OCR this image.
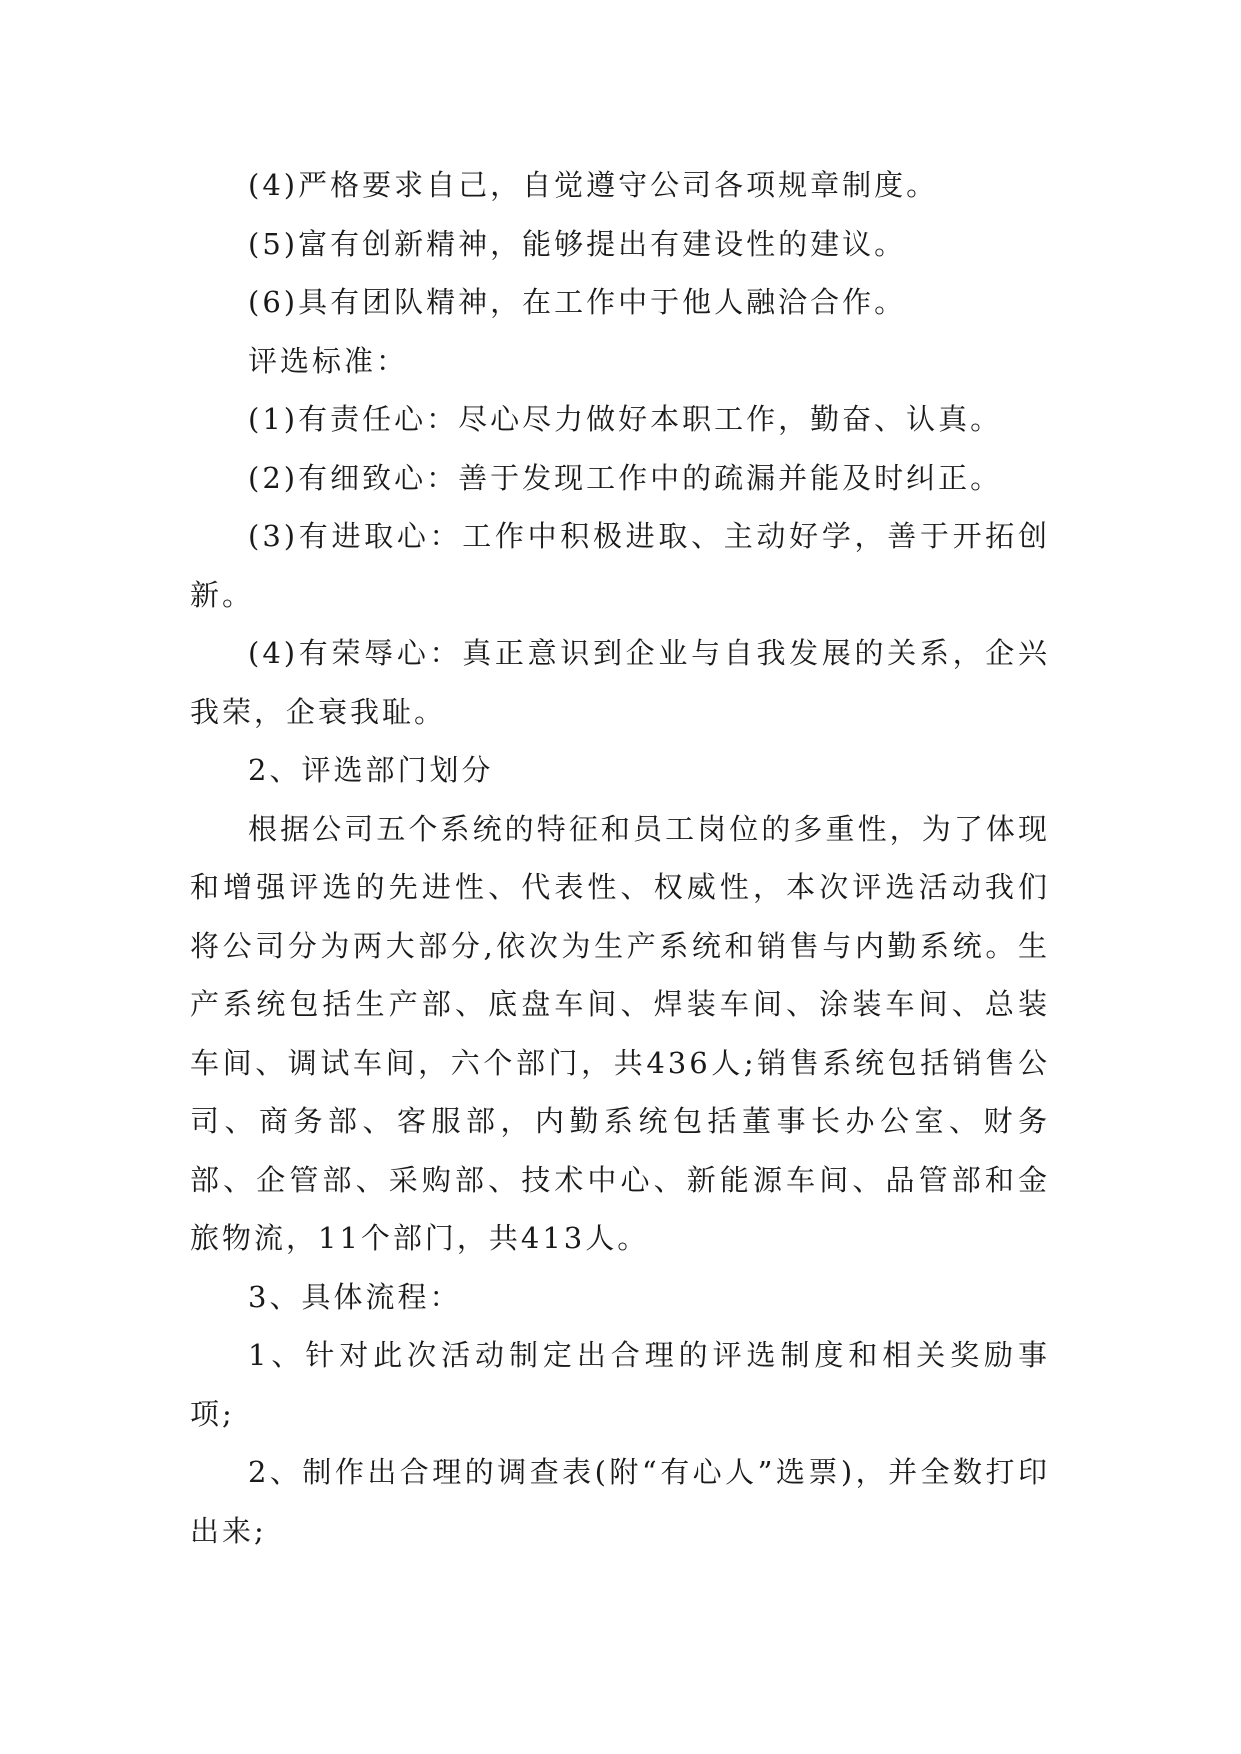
(4)严格要求自己，自觉遵守公司各项规章制度。

(5)富有创新精神，能够提出有建设性的建议。

(6)具有团队精神，在工作中于他人融洽合作。

评选标准：

(1)有责任心：尽心尽力做好本职工作，勤奋、认真。

(2)有细致心：善于发现工作中的疏漏并能及时纠正。

(3)有进取心：工作中积极进取、主动好学，善于开拓创新。

(4)有荣辱心：真正意识到企业与自我发展的关系，企兴我荣，企衰我耻。

2、评选部门划分

根据公司五个系统的特征和员工岗位的多重性，为了体现和增强评选的先进性、代表性、权威性，本次评选活动我们将公司分为两大部分,依次为生产系统和销售与内勤系统。生产系统包括生产部、底盘车间、焊装车间、涂装车间、总装车间、调试车间，六个部门，共436人;销售系统包括销售公司、商务部、客服部，内勤系统包括董事长办公室、财务部、企管部、采购部、技术中心、新能源车间、品管部和金旅物流，11个部门，共413人。

3、具体流程：

1、针对此次活动制定出合理的评选制度和相关奖励事项;

2、制作出合理的调查表(附“有心人”选票)，并全数打印出来;
